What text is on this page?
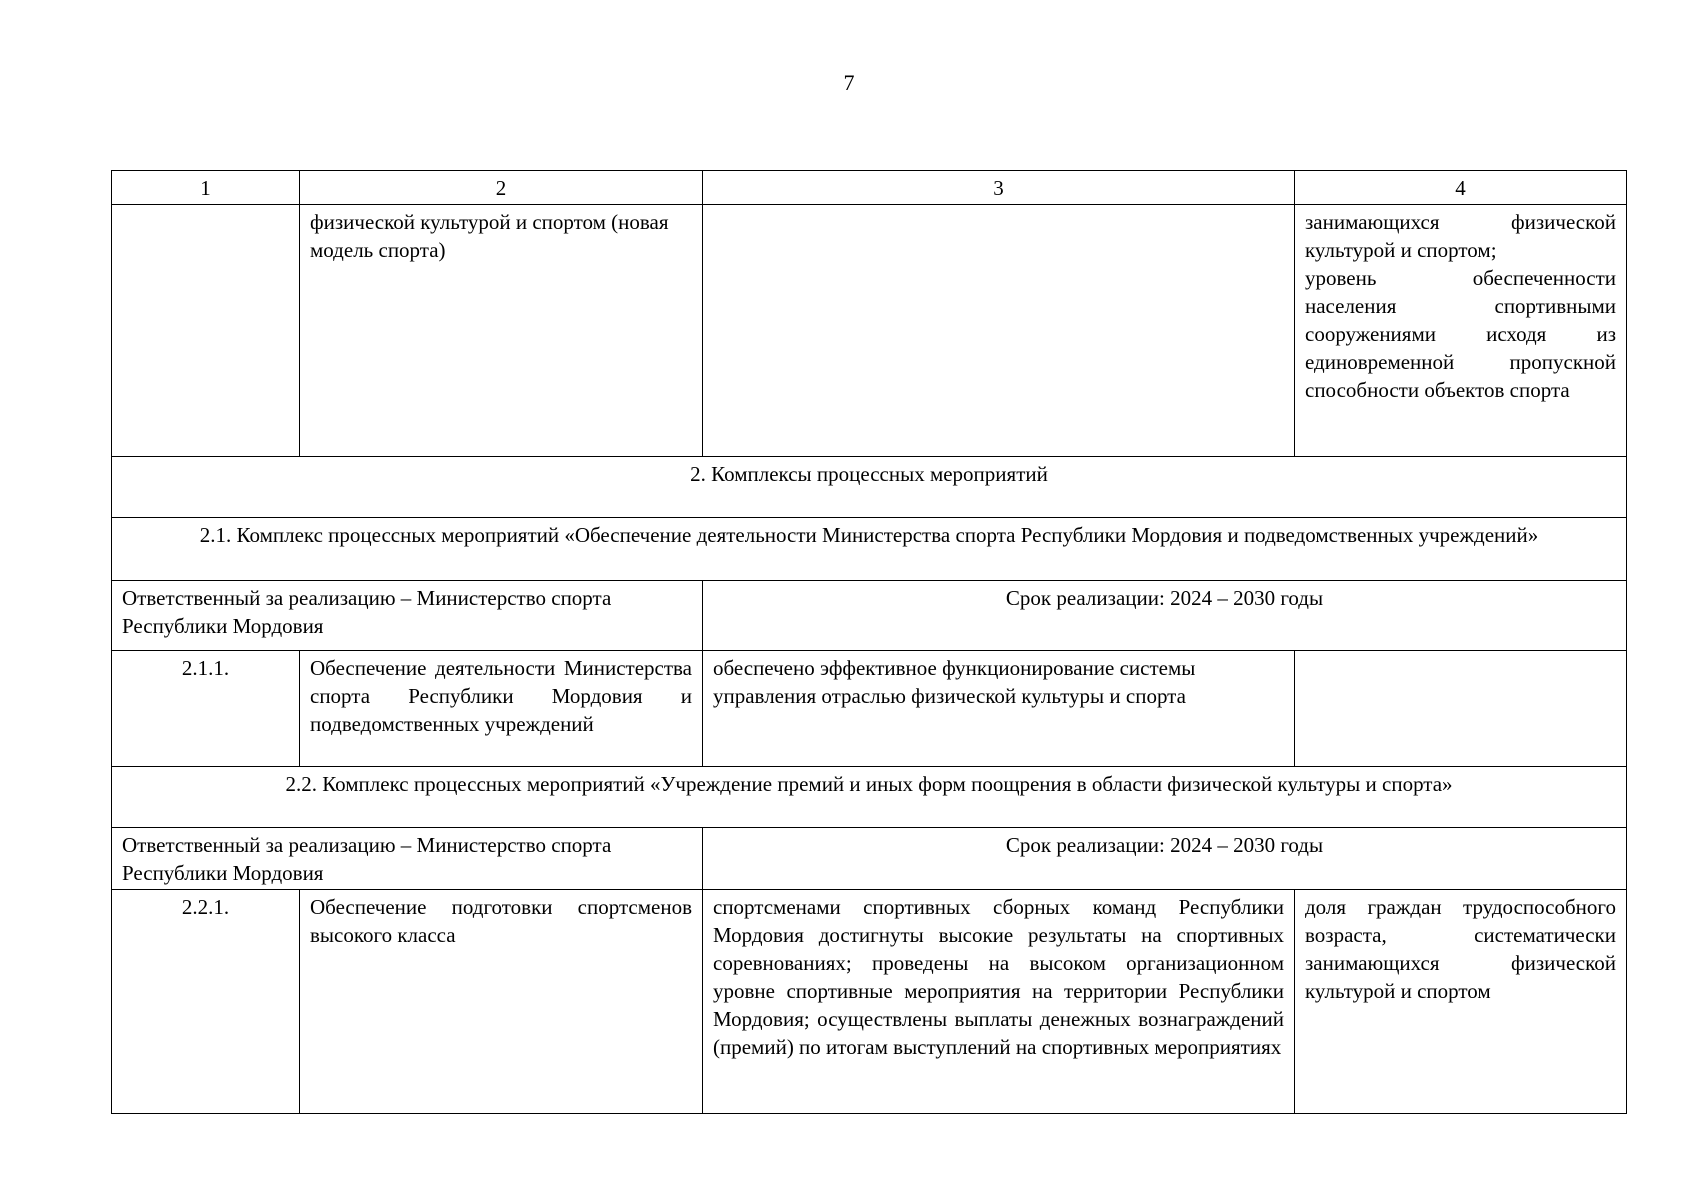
7
1	2	3	4
	физической культурой и спортом (новая модель спорта)		занимающихся физической культурой и спортом;
уровень обеспеченности населения спортивными сооружениями исходя из единовременной пропускной способности объектов спорта
2. Комплексы процессных мероприятий			
2.1. Комплекс процессных мероприятий «Обеспечение деятельности Министерства спорта Республики Мордовия и подведомственных учреждений»			
Ответственный за реализацию – Министерство спорта Республики Мордовия		Срок реализации: 2024 – 2030 годы	
2.1.1.	Обеспечение деятельности Министерства спорта Республики Мордовия и подведомственных учреждений	обеспечено эффективное функционирование системы управления отраслью физической культуры и спорта	
2.2. Комплекс процессных мероприятий «Учреждение премий и иных форм поощрения в области физической культуры и спорта»			
Ответственный за реализацию – Министерство спорта Республики Мордовия		Срок реализации: 2024 – 2030 годы	
2.2.1.	Обеспечение подготовки спортсменов высокого класса	спортсменами спортивных сборных команд Республики Мордовия достигнуты высокие результаты на спортивных соревнованиях; проведены на высоком организационном уровне спортивные мероприятия на территории Республики Мордовия; осуществлены выплаты денежных вознаграждений (премий) по итогам выступлений на спортивных мероприятиях	доля граждан трудоспособного возраста, систематически занимающихся физической культурой и спортом
